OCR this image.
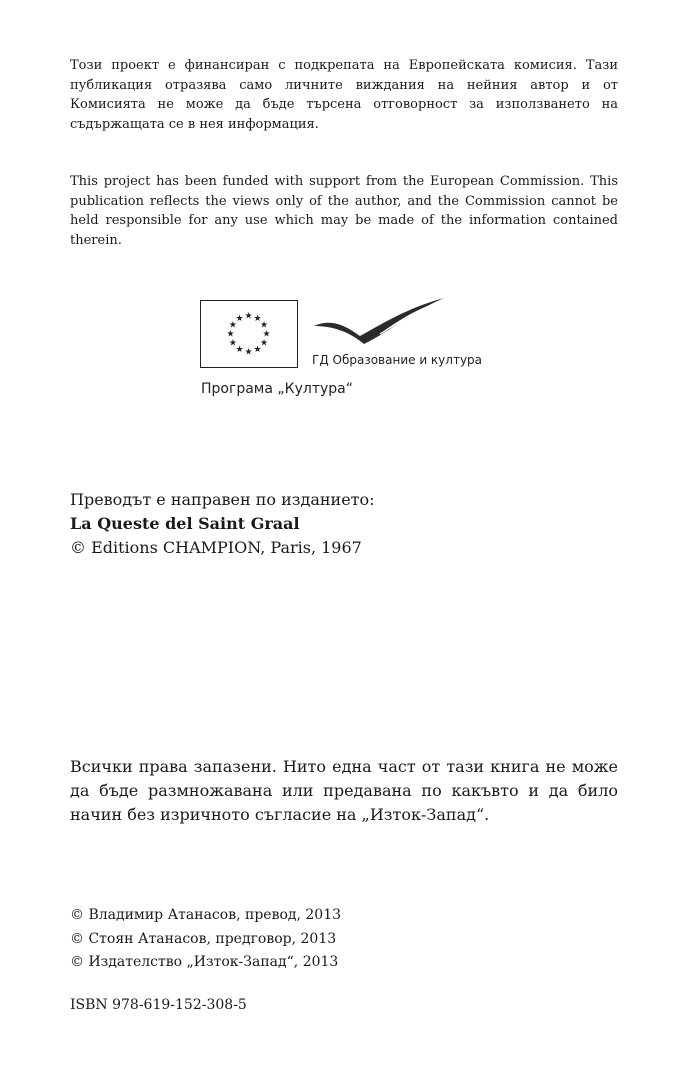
Този проект е финансиран с подкрепата на Европейската комисия. Тази публикация отразява само личните виждания на нейния автор и от Комисията не може да бъде търсена отговорност за използването на съдържащата се в нея информация.

This project has been funded with support from the European Commission. This publication reflects the views only of the author, and the Commission cannot be held responsible for any use which may be made of the information contained therein.

★ ★
★
★
★
★
★
★
★
★
★
★
ГД Образование и култура
Програма „Култура“

Преводът е направен по изданието:

La Queste del Saint Graal

© Editions CHAMPION, Paris, 1967

Всички права запазени. Нито една част от тази книга не може да бъде размножавана или предавана по какъвто и да било начин без изричното съгласие на „Изток-Запад“.

© Владимир Атанасов, превод, 2013

© Стоян Атанасов, предговор, 2013

© Издателство „Изток-Запад“, 2013

ISBN 978-619-152-308-5
